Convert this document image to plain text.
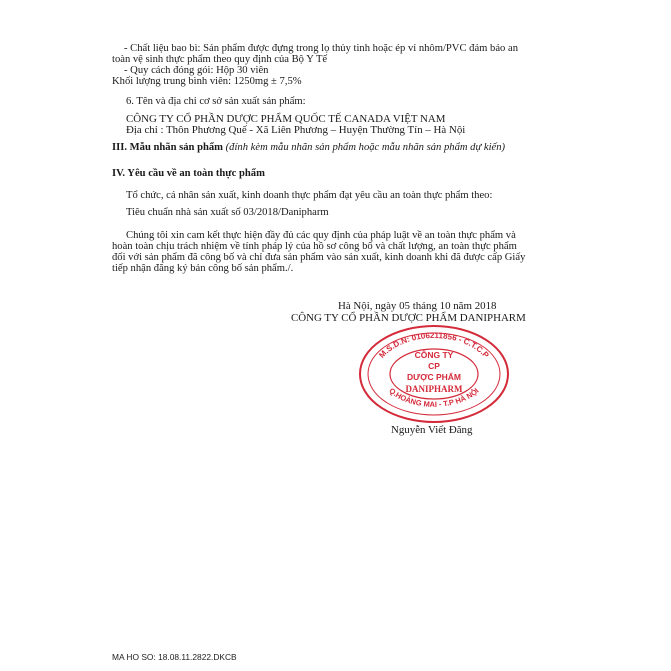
- Chất liệu bao bì: Sản phẩm được đựng trong lọ thủy tinh hoặc ép vỉ nhôm/PVC đảm bảo an
toàn vệ sinh thực phẩm theo quy định của Bộ Y Tế
- Quy cách đóng gói: Hộp 30 viên
Khối lượng trung bình viên: 1250mg ± 7,5%
6. Tên và địa chỉ cơ sở sản xuất sản phẩm:
CÔNG TY CỔ PHẦN DƯỢC PHẨM QUỐC TẾ CANADA VIỆT NAM
Địa chỉ : Thôn Phương Quế - Xã Liên Phương – Huyện Thường Tín – Hà Nội
III. Mẫu nhãn sản phẩm (đính kèm mẫu nhãn sản phẩm hoặc mẫu nhãn sản phẩm dự kiến)
IV. Yêu cầu về an toàn thực phẩm
Tổ chức, cá nhân sản xuất, kinh doanh thực phẩm đạt yêu cầu an toàn thực phẩm theo:
Tiêu chuẩn nhà sản xuất số 03/2018/Danipharm
Chúng tôi xin cam kết thực hiện đầy đủ các quy định của pháp luật về an toàn thực phẩm và
hoàn toàn chịu trách nhiệm về tính pháp lý của hồ sơ công bố và chất lượng, an toàn thực phẩm
đối với sản phẩm đã công bố và chỉ đưa sản phẩm vào sản xuất, kinh doanh khi đã được cấp Giấy
tiếp nhận đăng ký bản công bố sản phẩm./.
Hà Nội, ngày 05 tháng 10 năm 2018
CÔNG TY CỔ PHẦN DƯỢC PHẨM DANIPHARM
M.S.D.N: 0106211856 - C.T.C.P
Q.HOÀNG MAI - T.P HÀ NỘI
CÔNG TY
CP
DƯỢC PHẨM
DANIPHARM
Nguyễn Viết Đăng
MA HO SO: 18.08.11.2822.DKCB
